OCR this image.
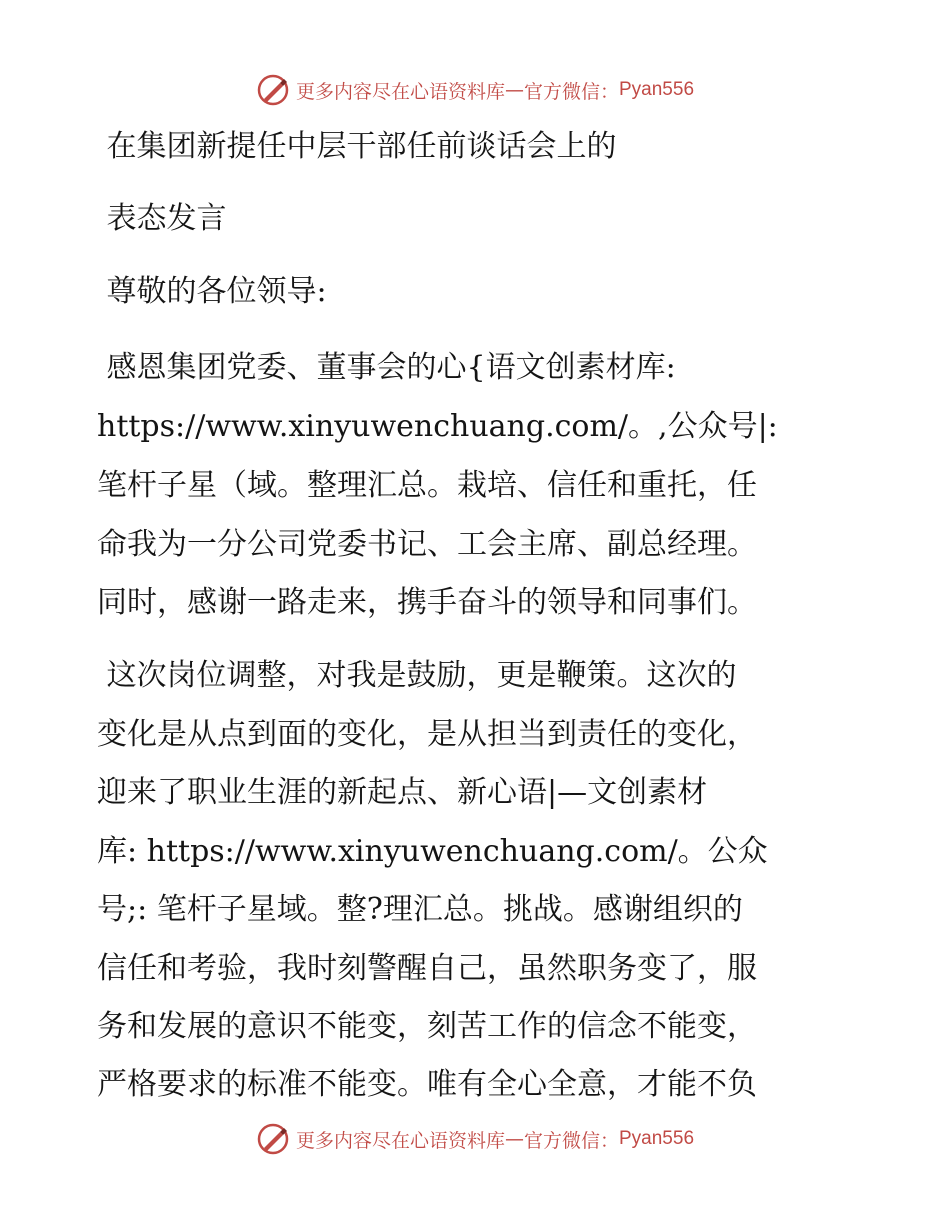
更多内容尽在心语资料库 — 官方微信： Pyan556
在集团新提任中层干部任前谈话会上的
表态发言
尊敬的各位领导:
感恩集团党委、董事会的心{语文创素材库:
https://www.xinyuwenchuang.com/。,公众号|:
笔杆子星（域。整理汇总。栽培、信任和重托，任
命我为一分公司党委书记、工会主席、副总经理。
同时，感谢一路走来，携手奋斗的领导和同事们。
这次岗位调整，对我是鼓励，更是鞭策。这次的
变化是从点到面的变化，是从担当到责任的变化，
迎来了职业生涯的新起点、新心语|—文创素材
库: https://www.xinyuwenchuang.com/。公众
号;: 笔杆子星域。整?理汇总。挑战。感谢组织的
信任和考验，我时刻警醒自己，虽然职务变了，服
务和发展的意识不能变，刻苦工作的信念不能变，
严格要求的标准不能变。唯有全心全意，才能不负
更多内容尽在心语资料库 — 官方微信： Pyan556
